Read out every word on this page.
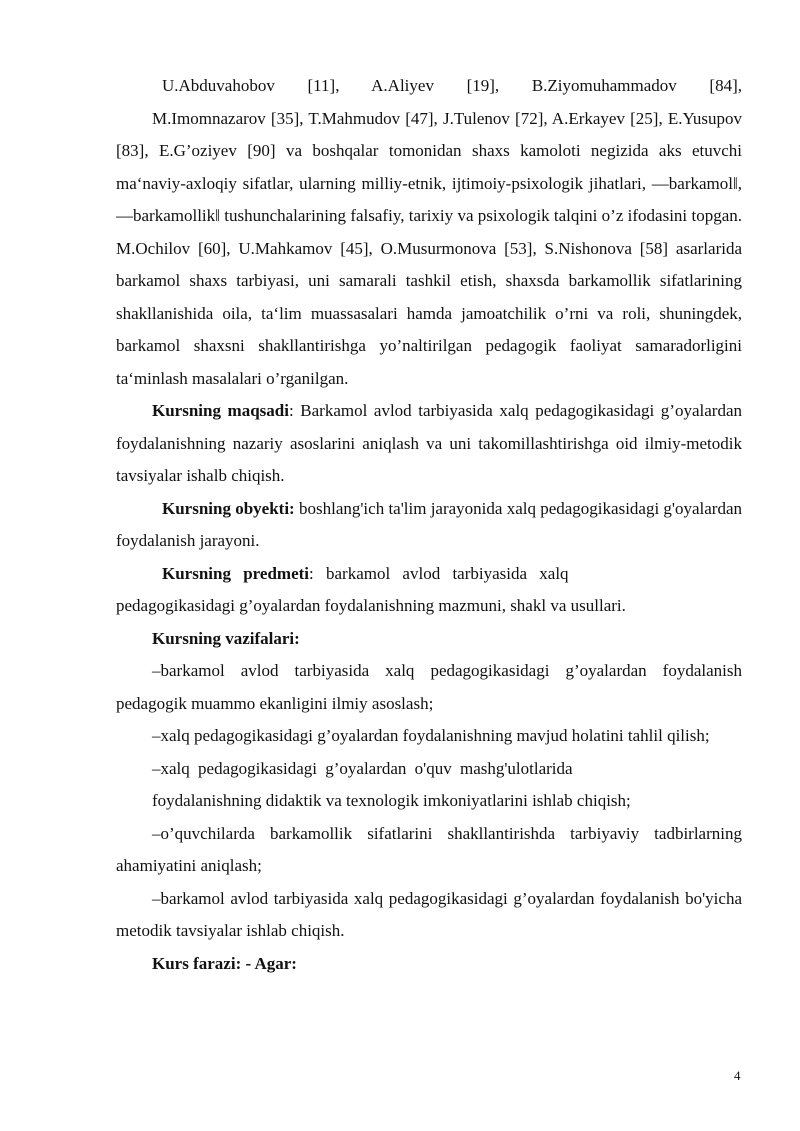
U.Abduvahobov [11], A.Aliyev [19], B.Ziyomuhammadov [84],

M.Imomnazarov [35], T.Mahmudov [47], J.Tulenov [72], A.Erkayev [25], E.Yusupov [83], E.G’oziyev [90] va boshqalar tomonidan shaxs kamoloti negizida aks etuvchi ma‘naviy-axloqiy sifatlar, ularning milliy-etnik, ijtimoiy-psixologik jihatlari, ―barkamol‖, ―barkamollik‖ tushunchalarining falsafiy, tarixiy va psixologik talqini o’z ifodasini topgan. M.Ochilov [60], U.Mahkamov [45], O.Musurmonova [53], S.Nishonova [58] asarlarida barkamol shaxs tarbiyasi, uni samarali tashkil etish, shaxsda barkamollik sifatlarining shakllanishida oila, ta‘lim muassasalari hamda jamoatchilik o’rni va roli, shuningdek, barkamol shaxsni shakllantirishga yo’naltirilgan pedagogik faoliyat samaradorligini ta‘minlash masalalari o’rganilgan.

Kursning maqsadi: Barkamol avlod tarbiyasida xalq pedagogikasidagi g’oyalardan foydalanishning nazariy asoslarini aniqlash va uni takomillashtirishga oid ilmiy-metodik tavsiyalar ishalb chiqish.

Kursning obyekti: boshlang'ich ta'lim jarayonida xalq pedagogikasidagi g'oyalardan foydalanish jarayoni.

Kursning predmeti: barkamol avlod tarbiyasida xalq

pedagogikasidagi g’oyalardan foydalanishning mazmuni, shakl va usullari.

Kursning vazifalari:

–barkamol avlod tarbiyasida xalq pedagogikasidagi g’oyalardan foydalanish pedagogik muammo ekanligini ilmiy asoslash;

–xalq pedagogikasidagi g’oyalardan foydalanishning mavjud holatini tahlil qilish;

–xalq pedagogikasidagi g’oyalardan o'quv mashg'ulotlarida

foydalanishning didaktik va texnologik imkoniyatlarini ishlab chiqish;

–o’quvchilarda barkamollik sifatlarini shakllantirishda tarbiyaviy tadbirlarning ahamiyatini aniqlash;

–barkamol avlod tarbiyasida xalq pedagogikasidagi g’oyalardan foydalanish bo'yicha metodik tavsiyalar ishlab chiqish.

Kurs farazi: - Agar:

4
